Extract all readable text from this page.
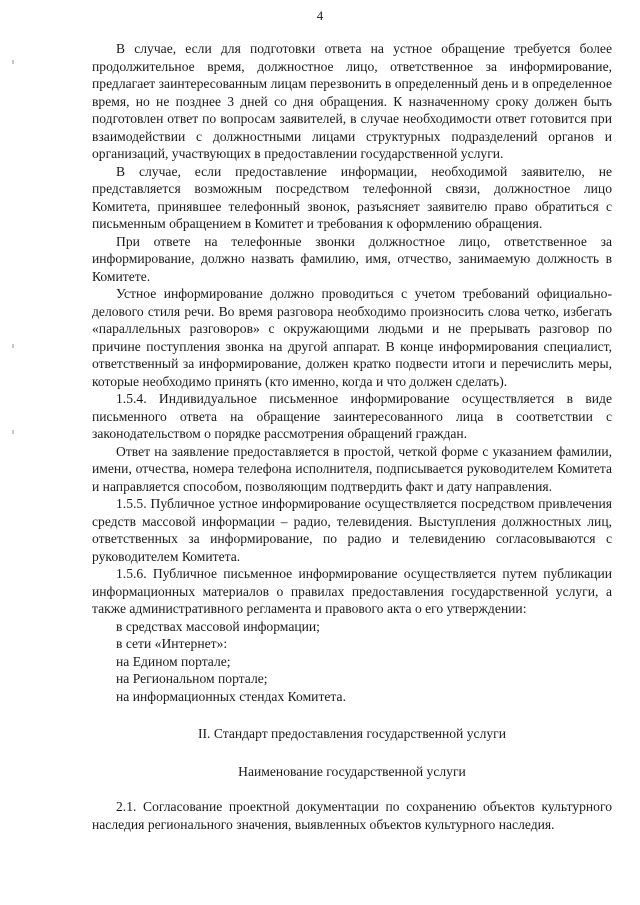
4

В случае, если для подготовки ответа на устное обращение требуется более продолжительное время, должностное лицо, ответственное за информирование, предлагает заинтересованным лицам перезвонить в определенный день и в определенное время, но не позднее 3 дней со дня обращения. К назначенному сроку должен быть подготовлен ответ по вопросам заявителей, в случае необходимости ответ готовится при взаимодействии с должностными лицами структурных подразделений органов и организаций, участвующих в предоставлении государственной услуги.

В случае, если предоставление информации, необходимой заявителю, не представляется возможным посредством телефонной связи, должностное лицо Комитета, принявшее телефонный звонок, разъясняет заявителю право обратиться с письменным обращением в Комитет и требования к оформлению обращения.

При ответе на телефонные звонки должностное лицо, ответственное за информирование, должно назвать фамилию, имя, отчество, занимаемую должность в Комитете.

Устное информирование должно проводиться с учетом требований официально-делового стиля речи. Во время разговора необходимо произносить слова четко, избегать «параллельных разговоров» с окружающими людьми и не прерывать разговор по причине поступления звонка на другой аппарат. В конце информирования специалист, ответственный за информирование, должен кратко подвести итоги и перечислить меры, которые необходимо принять (кто именно, когда и что должен сделать).

1.5.4. Индивидуальное письменное информирование осуществляется в виде письменного ответа на обращение заинтересованного лица в соответствии с законодательством о порядке рассмотрения обращений граждан.

Ответ на заявление предоставляется в простой, четкой форме с указанием фамилии, имени, отчества, номера телефона исполнителя, подписывается руководителем Комитета и направляется способом, позволяющим подтвердить факт и дату направления.

1.5.5. Публичное устное информирование осуществляется посредством привлечения средств массовой информации – радио, телевидения. Выступления должностных лиц, ответственных за информирование, по радио и телевидению согласовываются с руководителем Комитета.

1.5.6. Публичное письменное информирование осуществляется путем публикации информационных материалов о правилах предоставления государственной услуги, а также административного регламента и правового акта о его утверждении:

в средствах массовой информации;
в сети «Интернет»:
на Едином портале;
на Региональном портале;
на информационных стендах Комитета.
II. Стандарт предоставления государственной услуги
Наименование государственной услуги

2.1. Согласование проектной документации по сохранению объектов культурного наследия регионального значения, выявленных объектов культурного наследия.
